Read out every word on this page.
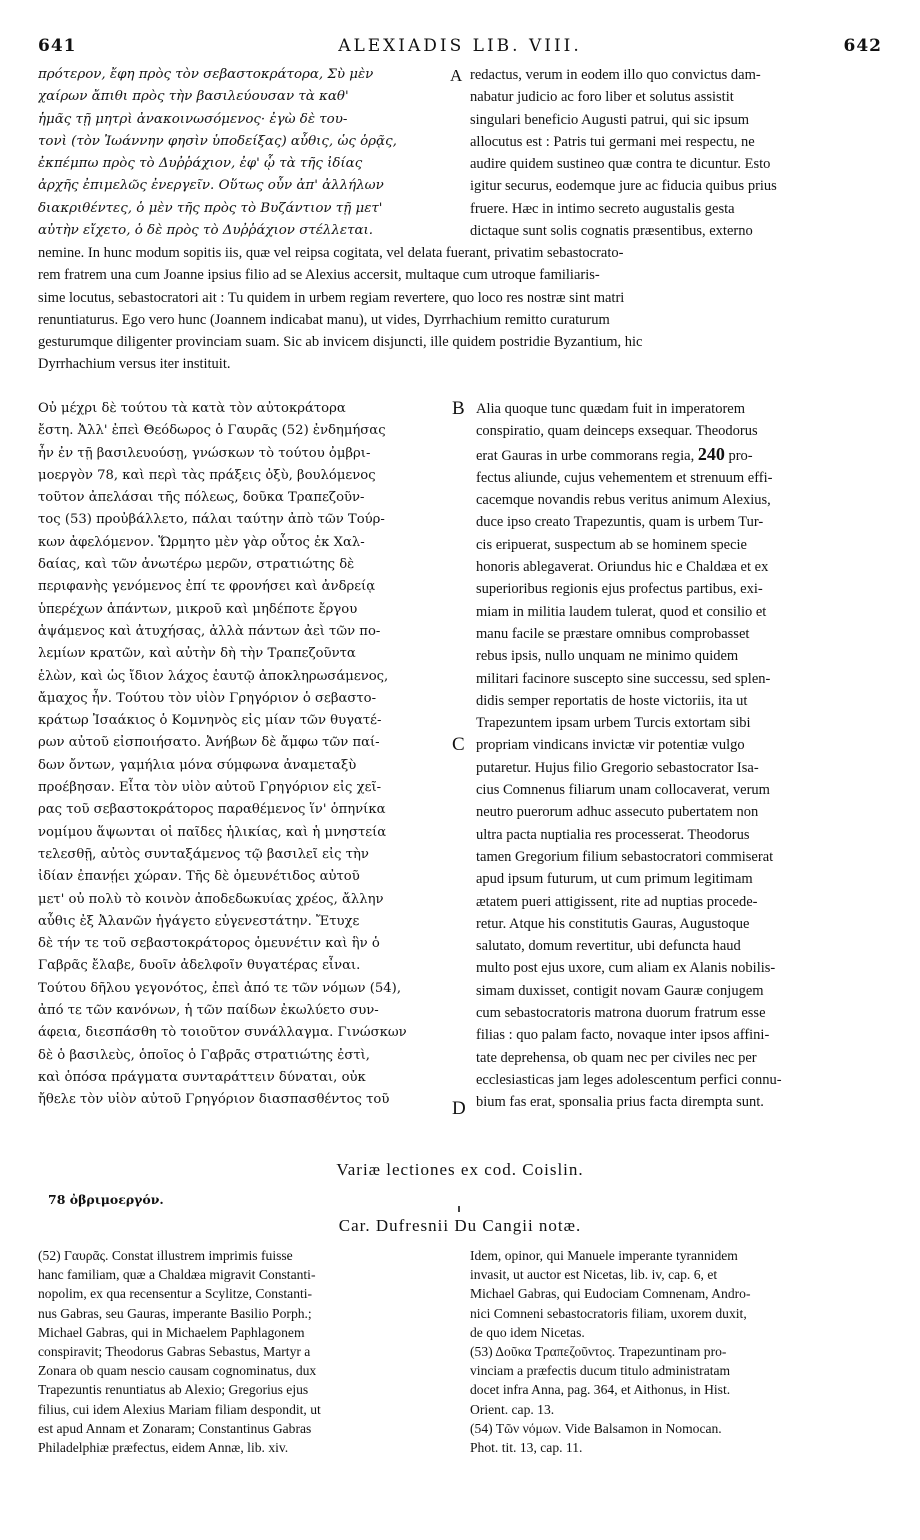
641	ALEXIADIS LIB. VIII.	642
πρότερον, ἔφη πρὸς τὸν σεβαστοκράτορα, Σὺ μὲν
χαίρων ἄπιθι πρὸς τὴν βασιλεύουσαν τὰ καθ'
ἡμᾶς τῇ μητρὶ ἀνακοινωσόμενος· ἐγὼ δὲ του-
τονὶ (τὸν Ἰωάννην φησὶν ὑποδείξας) αὖθις, ὡς ὁρᾷς,
ἐκπέμπω πρὸς τὸ Δυῤῥάχιον, ἐφ' ᾧ τὰ τῆς ἰδίας
ἀρχῆς ἐπιμελῶς ἐνεργεῖν. Οὕτως οὖν ἀπ' ἀλλήλων
διακριθέντες, ὁ μὲν τῆς πρὸς τὸ Βυζάντιον τῇ μετ'
αὐτὴν εἴχετο, ὁ δὲ πρὸς τὸ Δυῤῥάχιον στέλλεται.
A redactus, verum in eodem illo quo convictus dam-
nabatur judicio ac foro liber et solutus assistit
singulari beneficio Augusti patrui, qui sic ipsum
allocutus est : Patris tui germani mei respectu, ne
audire quidem sustineo quæ contra te dicuntur. Esto
igitur securus, eodemque jure ac fiducia quibus prius
fruere. Hæc in intimo secreto augustalis gesta
dictaque sunt solis cognatis præsentibus, externo
nemine. In hunc modum sopitis iis, quæ vel reipsa cogitata, vel delata fuerant, privatim sebastocrato-
rem fratrem una cum Joanne ipsius filio ad se Alexius accersit, multaque cum utroque familiaris-
sime locutus, sebastocratori ait : Tu quidem in urbem regiam revertere, quo loco res nostræ sint matri
renuntiaturus. Ego vero hunc (Joannem indicabat manu), ut vides, Dyrrhachium remitto curaturum
gesturumque diligenter provinciam suam. Sic ab invicem disjuncti, ille quidem postridie Byzantium, hic
Dyrrhachium versus iter instituit.
Οὐ μέχρι δὲ τούτου τὰ κατὰ τὸν αὐτοκράτορα
ἔστη. Ἀλλ' ἐπεὶ Θεόδωρος ὁ Γαυρᾶς (52) ἐνδημήσας
ἦν ἐν τῇ βασιλευούσῃ, γνώσκων τὸ τούτου ὀμβρι-
μοεργὸν 78, καὶ περὶ τὰς πράξεις ὀξὺ, βουλόμενος
τοῦτον ἀπελάσαι τῆς πόλεως, δοῦκα Τραπεζοῦν-
τος (53) προὐβάλλετο, πάλαι ταύτην ἀπὸ τῶν Τούρ-
κων ἀφελόμενον. Ὥρμητο μὲν γὰρ οὗτος ἐκ Χαλ-
δαίας, καὶ τῶν ἀνωτέρω μερῶν, στρατιώτης δὲ
περιφανὴς γενόμενος ἐπί τε φρονήσει καὶ ἀνδρείᾳ
ὑπερέχων ἁπάντων, μικροῦ καὶ μηδέποτε ἔργου
ἁψάμενος καὶ ἀτυχήσας, ἀλλὰ πάντων ἀεὶ τῶν πο-
λεμίων κρατῶν, καὶ αὐτὴν δὴ τὴν Τραπεζοῦντα
ἑλὼν, καὶ ὡς ἴδιον λάχος ἑαυτῷ ἀποκληρωσάμενος,
ἄμαχος ἦν. Τούτου τὸν υἱὸν Γρηγόριον ὁ σεβαστο-
κράτωρ Ἰσαάκιος ὁ Κομνηνὸς εἰς μίαν τῶν θυγατέ-
ρων αὐτοῦ εἰσποιήσατο. Ἀνήβων δὲ ἄμφω τῶν παί-
δων ὄντων, γαμήλια μόνα σύμφωνα ἀναμεταξὺ
προέβησαν. Εἶτα τὸν υἱὸν αὐτοῦ Γρηγόριον εἰς χεῖ-
ρας τοῦ σεβαστοκράτορος παραθέμενος ἵν' ὁπηνίκα
νομίμου ἅψωνται οἱ παῖδες ἡλικίας, καὶ ἡ μνηστεία
τελεσθῇ, αὐτὸς συνταξάμενος τῷ βασιλεῖ εἰς τὴν
ἰδίαν ἐπανῄει χώραν. Τῆς δὲ ὁμευνέτιδος αὐτοῦ
μετ' οὐ πολὺ τὸ κοινὸν ἀποδεδωκυίας χρέος, ἄλλην
αὖθις ἐξ Ἀλανῶν ἠγάγετο εὐγενεστάτην. Ἔτυχε
δὲ τήν τε τοῦ σεβαστοκράτορος ὁμευνέτιν καὶ ἣν ὁ
Γαβρᾶς ἔλαβε, δυοῖν ἀδελφοῖν θυγατέρας εἶναι.
Τούτου δῆλου γεγονότος, ἐπεὶ ἀπό τε τῶν νόμων (54),
ἀπό τε τῶν κανόνων, ἡ τῶν παίδων ἐκωλύετο συν-
άφεια, διεσπάσθη τὸ τοιοῦτον συνάλλαγμα. Γινώσκων
δὲ ὁ βασιλεὺς, ὁποῖος ὁ Γαβρᾶς στρατιώτης ἐστὶ,
καὶ ὁπόσα πράγματα συνταράττειν δύναται, οὐκ
ἤθελε τὸν υἱὸν αὐτοῦ Γρηγόριον διασπασθέντος τοῦ
B
C
D
Alia quoque tunc quædam fuit in imperatorem
conspiratio, quam deinceps exsequar. Theodorus
erat Gauras in urbe commorans regia, 240 pro-
fectus aliunde, cujus vehementem et strenuum effi-
cacemque novandis rebus veritus animum Alexius,
duce ipso creato Trapezuntis, quam is urbem Tur-
cis eripuerat, suspectum ab se hominem specie
honoris ablegaverat. Oriundus hic e Chaldæa et ex
superioribus regionis ejus profectus partibus, exi-
miam in militia laudem tulerat, quod et consilio et
manu facile se præstare omnibus comprobasset
rebus ipsis, nullo unquam ne minimo quidem
militari facinore suscepto sine successu, sed splen-
didis semper reportatis de hoste victoriis, ita ut
Trapezuntem ipsam urbem Turcis extortam sibi
propriam vindicans invictæ vir potentiæ vulgo
putaretur. Hujus filio Gregorio sebastocrator Isa-
cius Comnenus filiarum unam collocaverat, verum
neutro puerorum adhuc assecuto pubertatem non
ultra pacta nuptialia res processerat. Theodorus
tamen Gregorium filium sebastocratori commiserat
apud ipsum futurum, ut cum primum legitimam
ætatem pueri attigissent, rite ad nuptias procede-
retur. Atque his constitutis Gauras, Augustoque
salutato, domum revertitur, ubi defuncta haud
multo post ejus uxore, cum aliam ex Alanis nobilis-
simam duxisset, contigit novam Gauræ conjugem
cum sebastocratoris matrona duorum fratrum esse
filias : quo palam facto, novaque inter ipsos affini-
tate deprehensa, ob quam nec per civiles nec per
ecclesiasticas jam leges adolescentum perfici connu-
bium fas erat, sponsalia prius facta dirempta sunt.
Variæ lectiones ex cod. Coislin.
78 ὀβριμοεργόν.
Car. Dufresnii Du Cangii notæ.
(52) Γαυρᾶς. Constat illustrem imprimis fuisse
hanc familiam, quæ a Chaldæa migravit Constanti-
nopolim, ex qua recensentur a Scylitze, Constanti-
nus Gabras, seu Gauras, imperante Basilio Porph.;
Michael Gabras, qui in Michaelem Paphlagonem
conspiravit; Theodorus Gabras Sebastus, Martyr a
Zonara ob quam nescio causam cognominatus, dux
Trapezuntis renuntiatus ab Alexio; Gregorius ejus
filius, cui idem Alexius Mariam filiam despondit, ut
est apud Annam et Zonaram; Constantinus Gabras
Philadelphiæ præfectus, eidem Annæ, lib. xiv.
Idem, opinor, qui Manuele imperante tyrannidem
invasit, ut auctor est Nicetas, lib. iv, cap. 6, et
Michael Gabras, qui Eudociam Comnenam, Andro-
nici Comneni sebastocratoris filiam, uxorem duxit,
de quo idem Nicetas.
(53) Δοῦκα Τραπεζοῦντος. Trapezuntinam pro-
vinciam a præfectis ducum titulo administratam
docet infra Anna, pag. 364, et Aithonus, in Hist.
Orient. cap. 13.
(54) Τῶν νόμων. Vide Balsamon in Nomocan.
Phot. tit. 13, cap. 11.
